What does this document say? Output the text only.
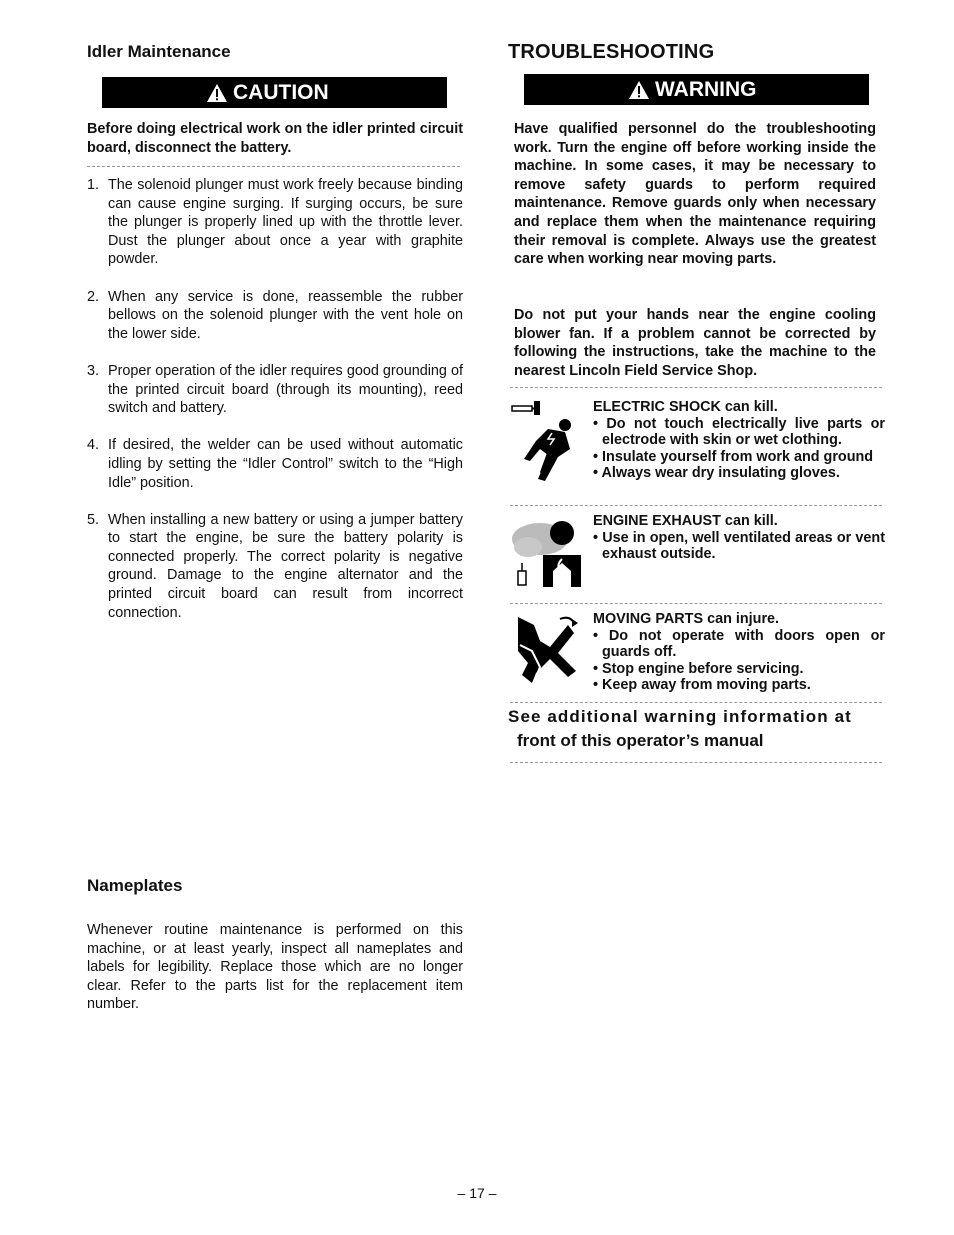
Idler Maintenance
CAUTION
Before doing electrical work on the idler printed circuit board, disconnect the battery.
1. The solenoid plunger must work freely because binding can cause engine surging. If surging occurs, be sure the plunger is properly lined up with the throttle lever. Dust the plunger about once a year with graphite powder.
2. When any service is done, reassemble the rubber bellows on the solenoid plunger with the vent hole on the lower side.
3. Proper operation of the idler requires good grounding of the printed circuit board (through its mounting), reed switch and battery.
4. If desired, the welder can be used without automatic idling by setting the “Idler Control” switch to the “High Idle” position.
5. When installing a new battery or using a jumper battery to start the engine, be sure the battery polarity is connected properly. The correct polarity is negative ground. Damage to the engine alternator and the printed circuit board can result from incorrect connection.
Nameplates
Whenever routine maintenance is performed on this machine, or at least yearly, inspect all nameplates and labels for legibility. Replace those which are no longer clear. Refer to the parts list for the replacement item number.
TROUBLESHOOTING
WARNING
Have qualified personnel do the troubleshooting work. Turn the engine off before working inside the machine. In some cases, it may be necessary to remove safety guards to perform required maintenance. Remove guards only when necessary and replace them when the maintenance requiring their removal is complete. Always use the greatest care when working near moving parts.
Do not put your hands near the engine cooling blower fan. If a problem cannot be corrected by following the instructions, take the machine to the nearest Lincoln Field Service Shop.
ELECTRIC SHOCK can kill.
• Do not touch electrically live parts or electrode with skin or wet clothing.
• Insulate yourself from work and ground
• Always wear dry insulating gloves.
ENGINE EXHAUST can kill.
• Use in open, well ventilated areas or vent exhaust outside.
MOVING PARTS can injure.
• Do not operate with doors open or guards off.
• Stop engine before servicing.
• Keep away from moving parts.
See additional warning information at
front of this operator’s manual
– 17 –
